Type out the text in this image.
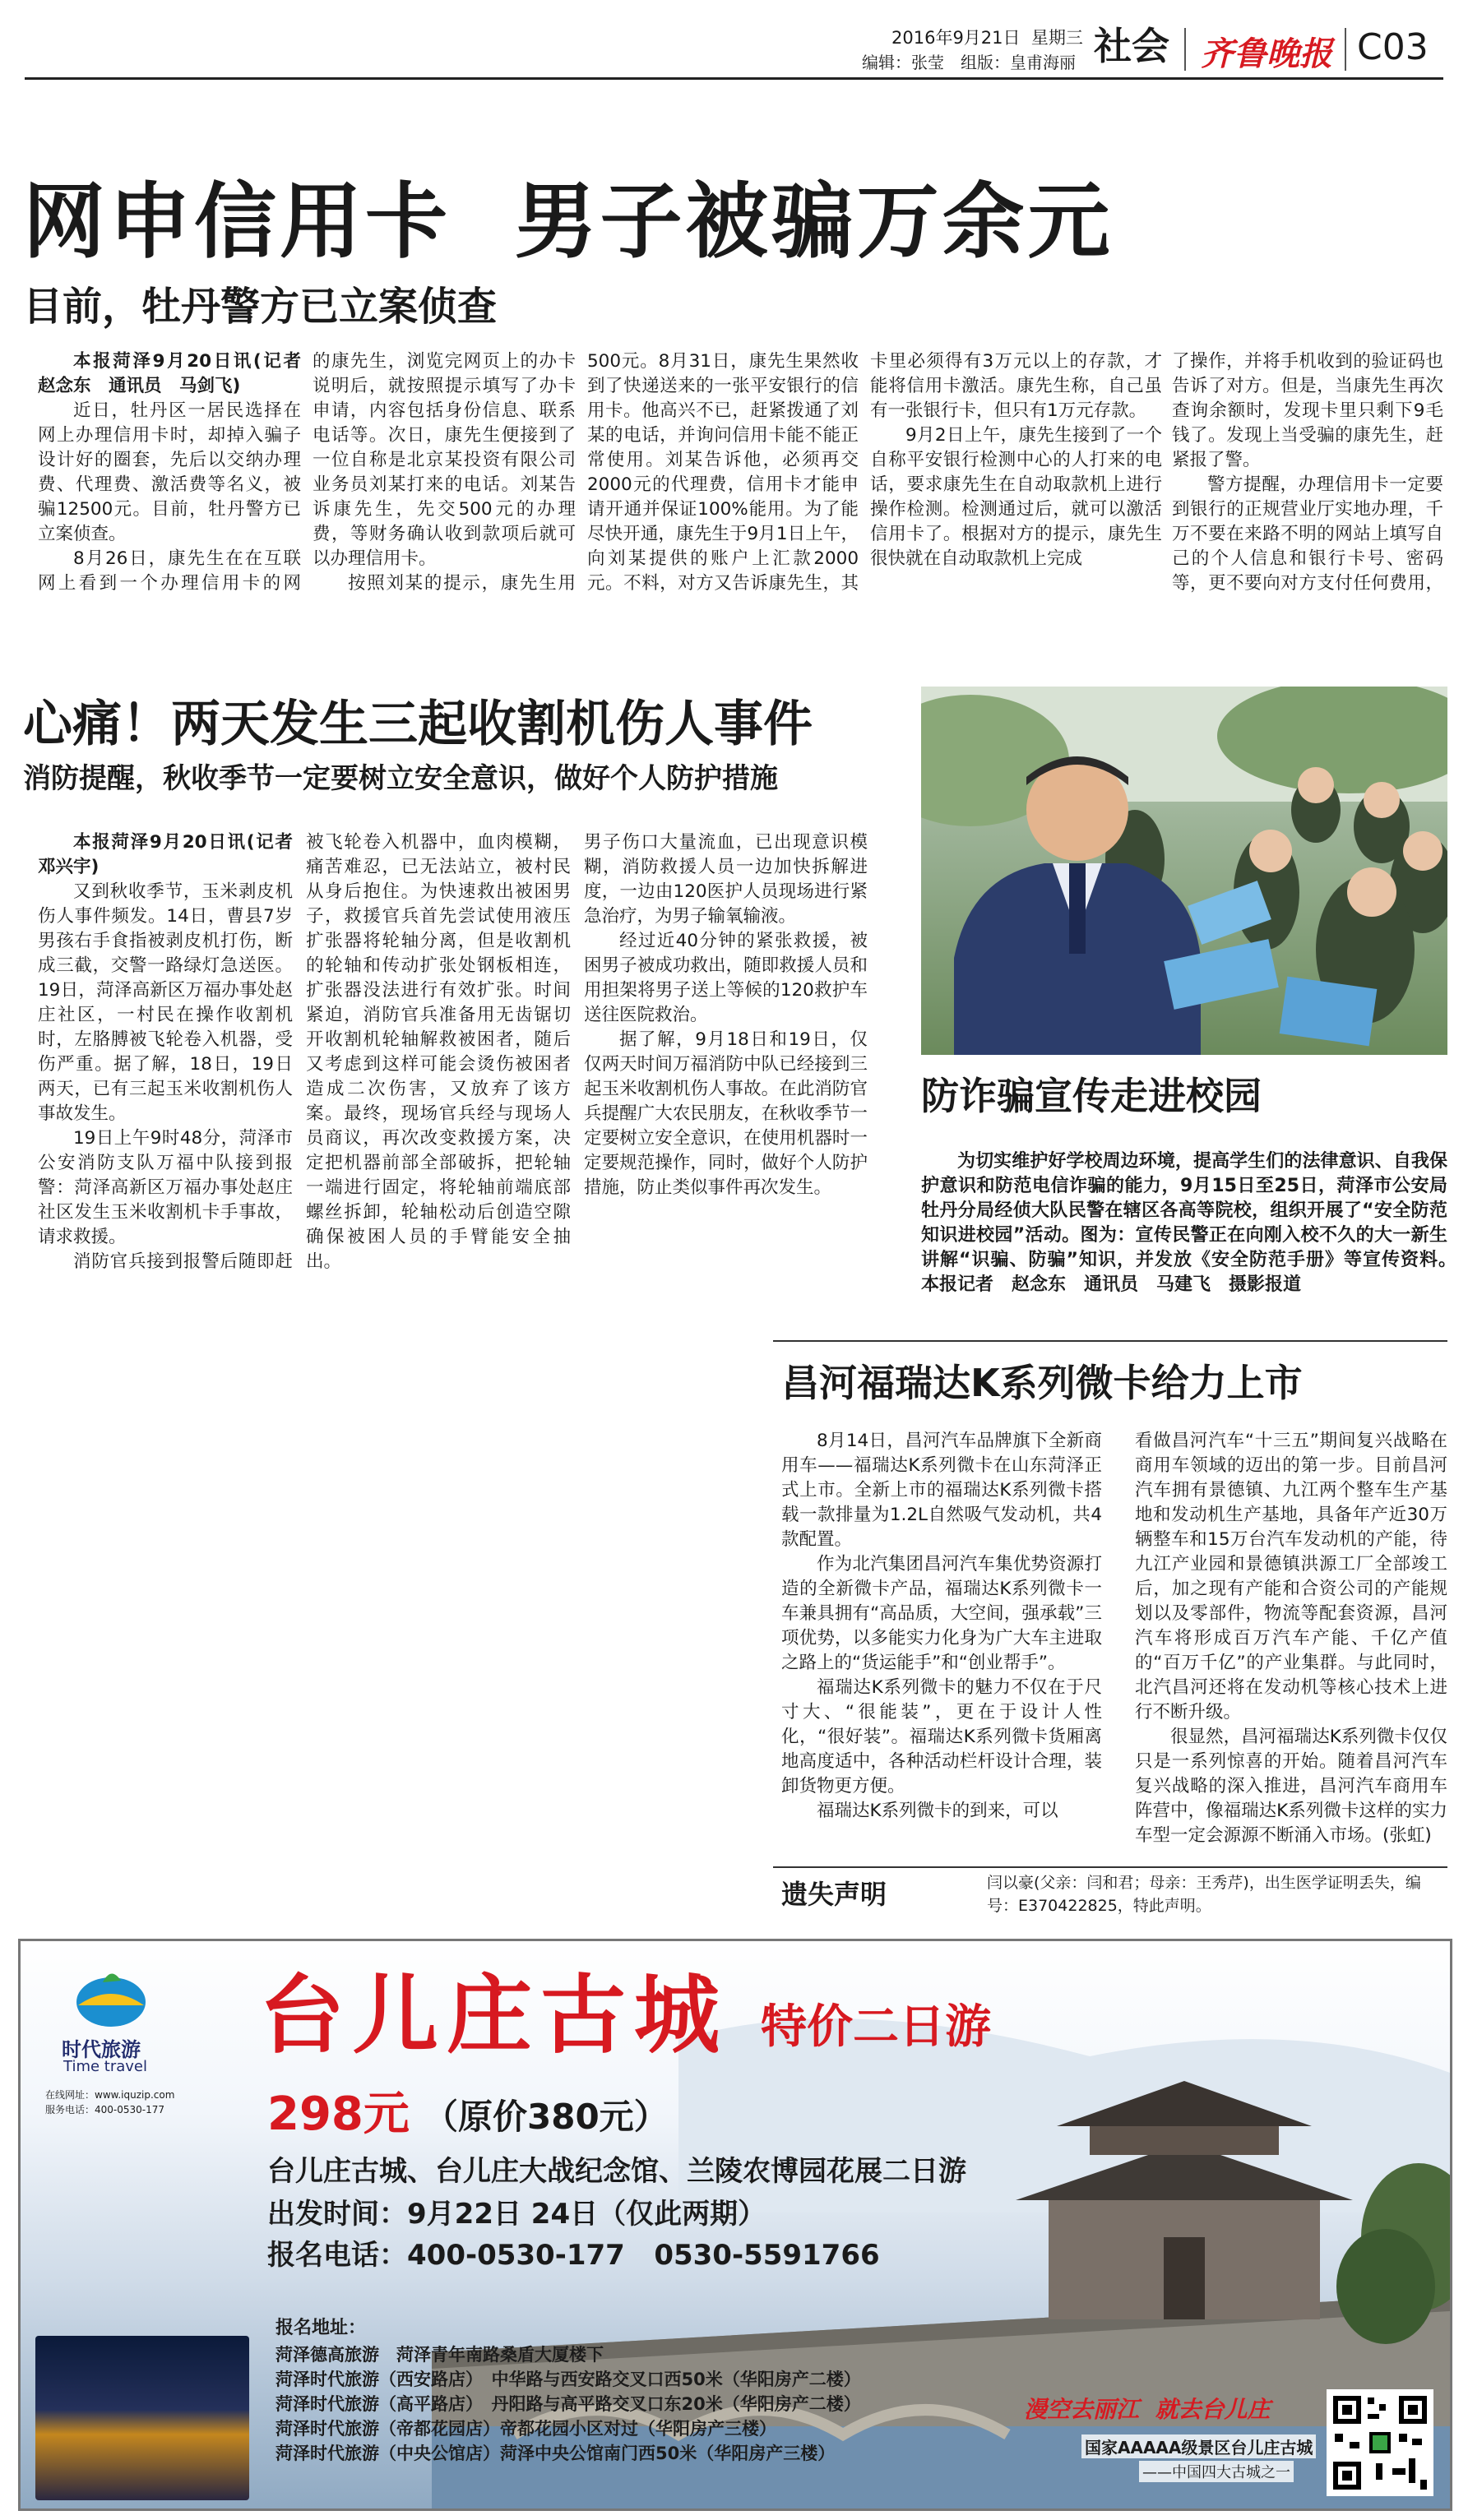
2016年9月21日 星期三
编辑：张莹　组版：皇甫海丽 社会 齐鲁晚报 C03
网申信用卡  男子被骗万余元
目前，牡丹警方已立案侦查

本报菏泽9月20日讯(记者　赵念东　通讯员　马剑飞)

近日，牡丹区一居民选择在网上办理信用卡时，却掉入骗子设计好的圈套，先后以交纳办理费、代理费、激活费等名义，被骗12500元。目前，牡丹警方已立案侦查。

8月26日，康先生在在互联网上看到一个办理信用卡的网

的康先生，浏览完网页上的办卡说明后，就按照提示填写了办卡申请，内容包括身份信息、联系电话等。次日，康先生便接到了一位自称是北京某投资有限公司业务员刘某打来的电话。刘某告诉康先生，先交500元的办理费，等财务确认收到款项后就可以办理信用卡。

按照刘某的提示，康先生用

500元。8月31日，康先生果然收到了快递送来的一张平安银行的信用卡。他高兴不已，赶紧拨通了刘某的电话，并询问信用卡能不能正常使用。刘某告诉他，必须再交2000元的代理费，信用卡才能申请开通并保证100%能用。为了能尽快开通，康先生于9月1日上午，向刘某提供的账户上汇款2000元。不料，对方又告诉康先生，其

卡里必须得有3万元以上的存款，才能将信用卡激活。康先生称，自己虽有一张银行卡，但只有1万元存款。

9月2日上午，康先生接到了一个自称平安银行检测中心的人打来的电话，要求康先生在自动取款机上进行操作检测。检测通过后，就可以激活信用卡了。根据对方的提示，康先生很快就在自动取款机上完成

了操作，并将手机收到的验证码也告诉了对方。但是，当康先生再次查询余额时，发现卡里只剩下9毛钱了。发现上当受骗的康先生，赶紧报了警。

警方提醒，办理信用卡一定要到银行的正规营业厅实地办理，千万不要在来路不明的网站上填写自己的个人信息和银行卡号、密码等，更不要向对方支付任何费用，

心痛！两天发生三起收割机伤人事件
消防提醒，秋收季节一定要树立安全意识，做好个人防护措施

本报菏泽9月20日讯(记者　邓兴宇)

又到秋收季节，玉米剥皮机伤人事件频发。14日，曹县7岁男孩右手食指被剥皮机打伤，断成三截，交警一路绿灯急送医。19日，菏泽高新区万福办事处赵庄社区，一村民在操作收割机时，左胳膊被飞轮卷入机器，受伤严重。据了解，18日，19日两天，已有三起玉米收割机伤人事故发生。

19日上午9时48分，菏泽市公安消防支队万福中队接到报警：菏泽高新区万福办事处赵庄社区发生玉米收割机卡手事故，请求救援。

消防官兵接到报警后随即赶

被飞轮卷入机器中，血肉模糊，痛苦难忍，已无法站立，被村民从身后抱住。为快速救出被困男子，救援官兵首先尝试使用液压扩张器将轮轴分离，但是收割机的轮轴和传动扩张处钢板相连，扩张器没法进行有效扩张。时间紧迫，消防官兵准备用无齿锯切开收割机轮轴解救被困者，随后又考虑到这样可能会烫伤被困者造成二次伤害，又放弃了该方案。最终，现场官兵经与现场人员商议，再次改变救援方案，决定把机器前部全部破拆，把轮轴一端进行固定，将轮轴前端底部螺丝拆卸，轮轴松动后创造空隙确保被困人员的手臂能安全抽出。

男子伤口大量流血，已出现意识模糊，消防救援人员一边加快拆解进度，一边由120医护人员现场进行紧急治疗，为男子输氧输液。

经过近40分钟的紧张救援，被困男子被成功救出，随即救援人员和用担架将男子送上等候的120救护车送往医院救治。

据了解，9月18日和19日，仅仅两天时间万福消防中队已经接到三起玉米收割机伤人事故。在此消防官兵提醒广大农民朋友，在秋收季节一定要树立安全意识，在使用机器时一定要规范操作，同时，做好个人防护措施，防止类似事件再次发生。

防诈骗宣传走进校园
为切实维护好学校周边环境，提高学生们的法律意识、自我保护意识和防范电信诈骗的能力，9月15日至25日，菏泽市公安局牡丹分局经侦大队民警在辖区各高等院校，组织开展了“安全防范知识进校园”活动。图为：宣传民警正在向刚入校不久的大一新生讲解“识骗、防骗”知识，并发放《安全防范手册》等宣传资料。　本报记者　赵念东　通讯员　马建飞　摄影报道
昌河福瑞达K系列微卡给力上市

8月14日，昌河汽车品牌旗下全新商用车——福瑞达K系列微卡在山东菏泽正式上市。全新上市的福瑞达K系列微卡搭载一款排量为1.2L自然吸气发动机，共4款配置。

作为北汽集团昌河汽车集优势资源打造的全新微卡产品，福瑞达K系列微卡一车兼具拥有“高品质，大空间，强承载”三项优势，以多能实力化身为广大车主进取之路上的“货运能手”和“创业帮手”。

福瑞达K系列微卡的魅力不仅在于尺寸大、“很能装”，更在于设计人性化，“很好装”。福瑞达K系列微卡货厢离地高度适中，各种活动栏杆设计合理，装卸货物更方便。

福瑞达K系列微卡的到来，可以

看做昌河汽车“十三五”期间复兴战略在商用车领域的迈出的第一步。目前昌河汽车拥有景德镇、九江两个整车生产基地和发动机生产基地，具备年产近30万辆整车和15万台汽车发动机的产能，待九江产业园和景德镇洪源工厂全部竣工后，加之现有产能和合资公司的产能规划以及零部件，物流等配套资源，昌河汽车将形成百万汽车产能、千亿产值的“百万千亿”的产业集群。与此同时，北汽昌河还将在发动机等核心技术上进行不断升级。

很显然，昌河福瑞达K系列微卡仅仅只是一系列惊喜的开始。随着昌河汽车复兴战略的深入推进，昌河汽车商用车阵营中，像福瑞达K系列微卡这样的实力车型一定会源源不断涌入市场。(张虹)

遗失声明	闫以豪(父亲：闫和君；母亲：王秀芹)，出生医学证明丢失，编号：E370422825，特此声明。
时代旅游
Time travel
在线网址：www.iquzip.com
服务电话：400-0530-177
台儿庄古城 特价二日游
298元 （原价380元）
台儿庄古城、台儿庄大战纪念馆、兰陵农博园花展二日游
出发时间：9月22日 24日（仅此两期）
报名电话：400-0530-177 0530-5591766
报名地址：
菏泽德高旅游　菏泽青年南路桑盾大厦楼下
菏泽时代旅游（西安路店）　中华路与西安路交叉口西50米（华阳房产二楼）
菏泽时代旅游（高平路店）　丹阳路与高平路交叉口东20米（华阳房产二楼）
菏泽时代旅游（帝都花园店）帝都花园小区对过（华阳房产三楼）
菏泽时代旅游（中央公馆店）菏泽中央公馆南门西50米（华阳房产三楼）
漫空去丽江  就去台儿庄
国家AAAAA级景区台儿庄古城
——中国四大古城之一
